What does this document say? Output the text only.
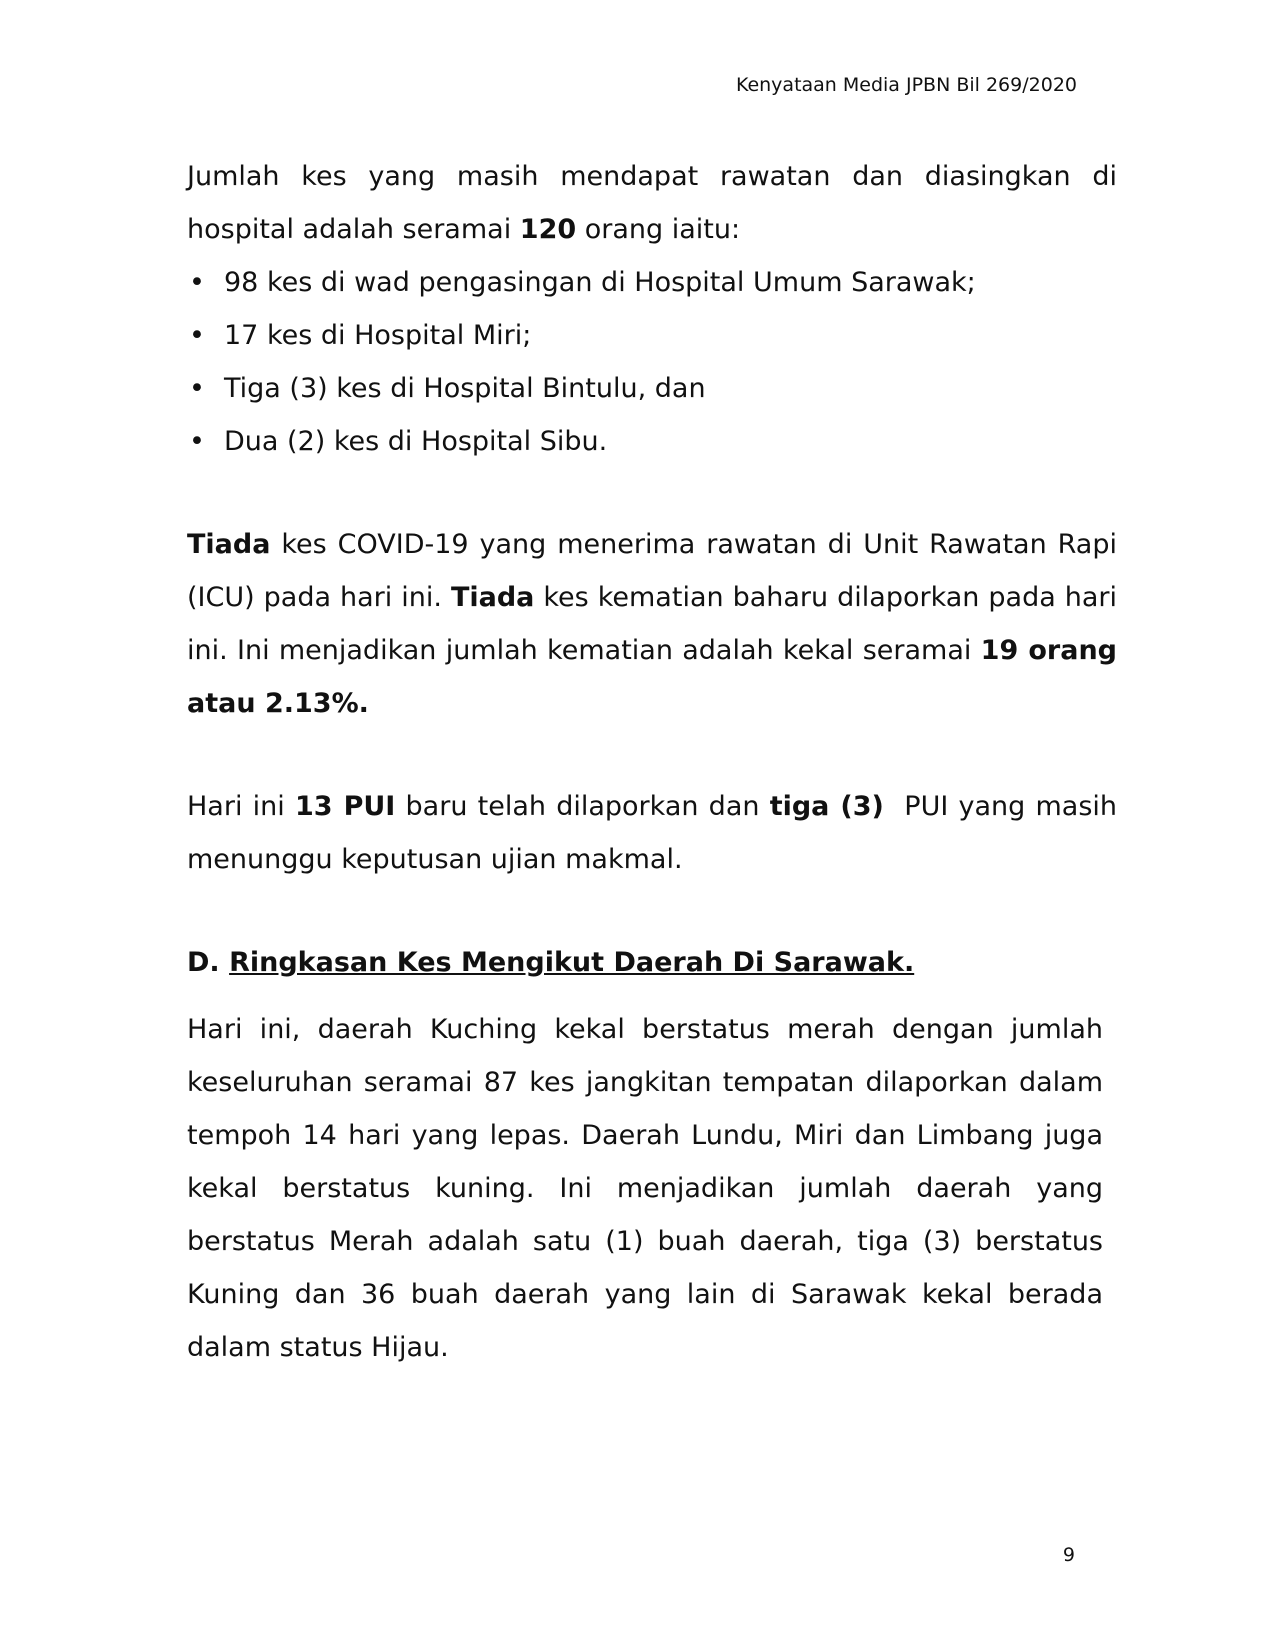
Kenyataan Media JPBN Bil 269/2020

Jumlah kes yang masih mendapat rawatan dan diasingkan di hospital adalah seramai 120 orang iaitu:

• 98 kes di wad pengasingan di Hospital Umum Sarawak;
• 17 kes di Hospital Miri;
• Tiga (3) kes di Hospital Bintulu, dan
• Dua (2) kes di Hospital Sibu.

Tiada kes COVID-19 yang menerima rawatan di Unit Rawatan Rapi (ICU) pada hari ini. Tiada kes kematian baharu dilaporkan pada hari ini. Ini menjadikan jumlah kematian adalah kekal seramai 19 orang atau 2.13%.

Hari ini 13 PUI baru telah dilaporkan dan tiga (3)  PUI yang masih menunggu keputusan ujian makmal.

D. Ringkasan Kes Mengikut Daerah Di Sarawak.

Hari ini, daerah Kuching kekal berstatus merah dengan jumlah keseluruhan seramai 87 kes jangkitan tempatan dilaporkan dalam tempoh 14 hari yang lepas. Daerah Lundu, Miri dan Limbang juga kekal berstatus kuning. Ini menjadikan jumlah daerah yang berstatus Merah adalah satu (1) buah daerah, tiga (3) berstatus Kuning dan 36 buah daerah yang lain di Sarawak kekal berada dalam status Hijau.

9
